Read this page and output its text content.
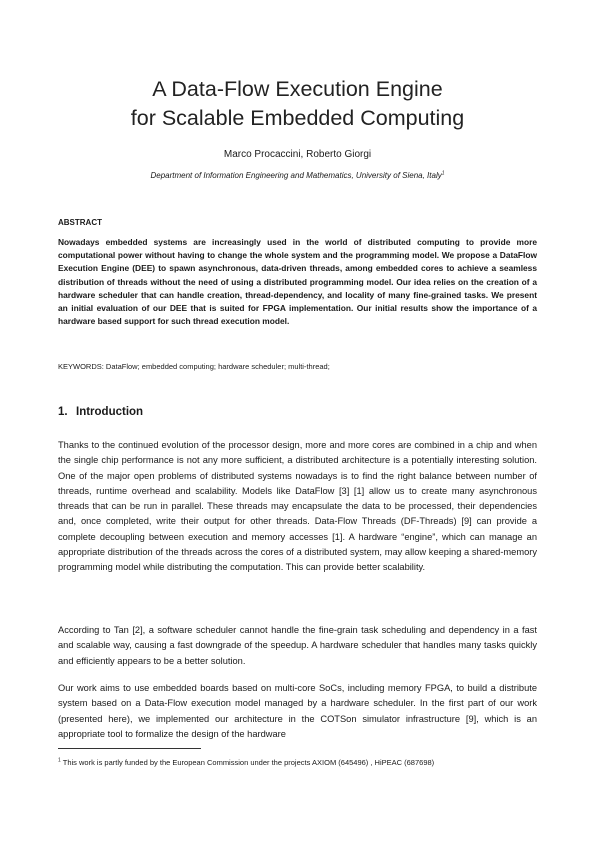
A Data-Flow Execution Engine
for Scalable Embedded Computing
Marco Procaccini, Roberto Giorgi
Department of Information Engineering and Mathematics, University of Siena, Italy$^1$
ABSTRACT
Nowadays embedded systems are increasingly used in the world of distributed computing to provide more computational power without having to change the whole system and the programming model. We propose a DataFlow Execution Engine (DEE) to spawn asynchronous, data-driven threads, among embedded cores to achieve a seamless distribution of threads without the need of using a distributed programming model. Our idea relies on the creation of a hardware scheduler that can handle creation, thread-dependency, and locality of many fine-grained tasks. We present an initial evaluation of our DEE that is suited for FPGA implementation. Our initial results show the importance of a hardware based support for such thread execution model.
KEYWORDS: DataFlow; embedded computing; hardware scheduler; multi-thread;
1. Introduction
Thanks to the continued evolution of the processor design, more and more cores are combined in a chip and when the single chip performance is not any more sufficient, a distributed architecture is a potentially interesting solution. One of the major open problems of distributed systems nowadays is to find the right balance between number of threads, runtime overhead and scalability. Models like DataFlow [3] [1] allow us to create many asynchronous threads that can be run in parallel. These threads may encapsulate the data to be processed, their dependencies and, once completed, write their output for other threads. Data-Flow Threads (DF-Threads) [9] can provide a complete decoupling between execution and memory accesses [1]. A hardware “engine”, which can manage an appropriate distribution of the threads across the cores of a distributed system, may allow keeping a shared-memory programming model while distributing the computation. This can provide better scalability.
According to Tan [2], a software scheduler cannot handle the fine-grain task scheduling and dependency in a fast and scalable way, causing a fast downgrade of the speedup. A hardware scheduler that handles many tasks quickly and efficiently appears to be a better solution.
Our work aims to use embedded boards based on multi-core SoCs, including memory FPGA, to build a distribute system based on a Data-Flow execution model managed by a hardware scheduler. In the first part of our work (presented here), we implemented our architecture in the COTSon simulator infrastructure [9], which is an appropriate tool to formalize the design of the hardware
$^1$ This work is partly funded by the European Commission under the projects AXIOM (645496) , HiPEAC (687698)
